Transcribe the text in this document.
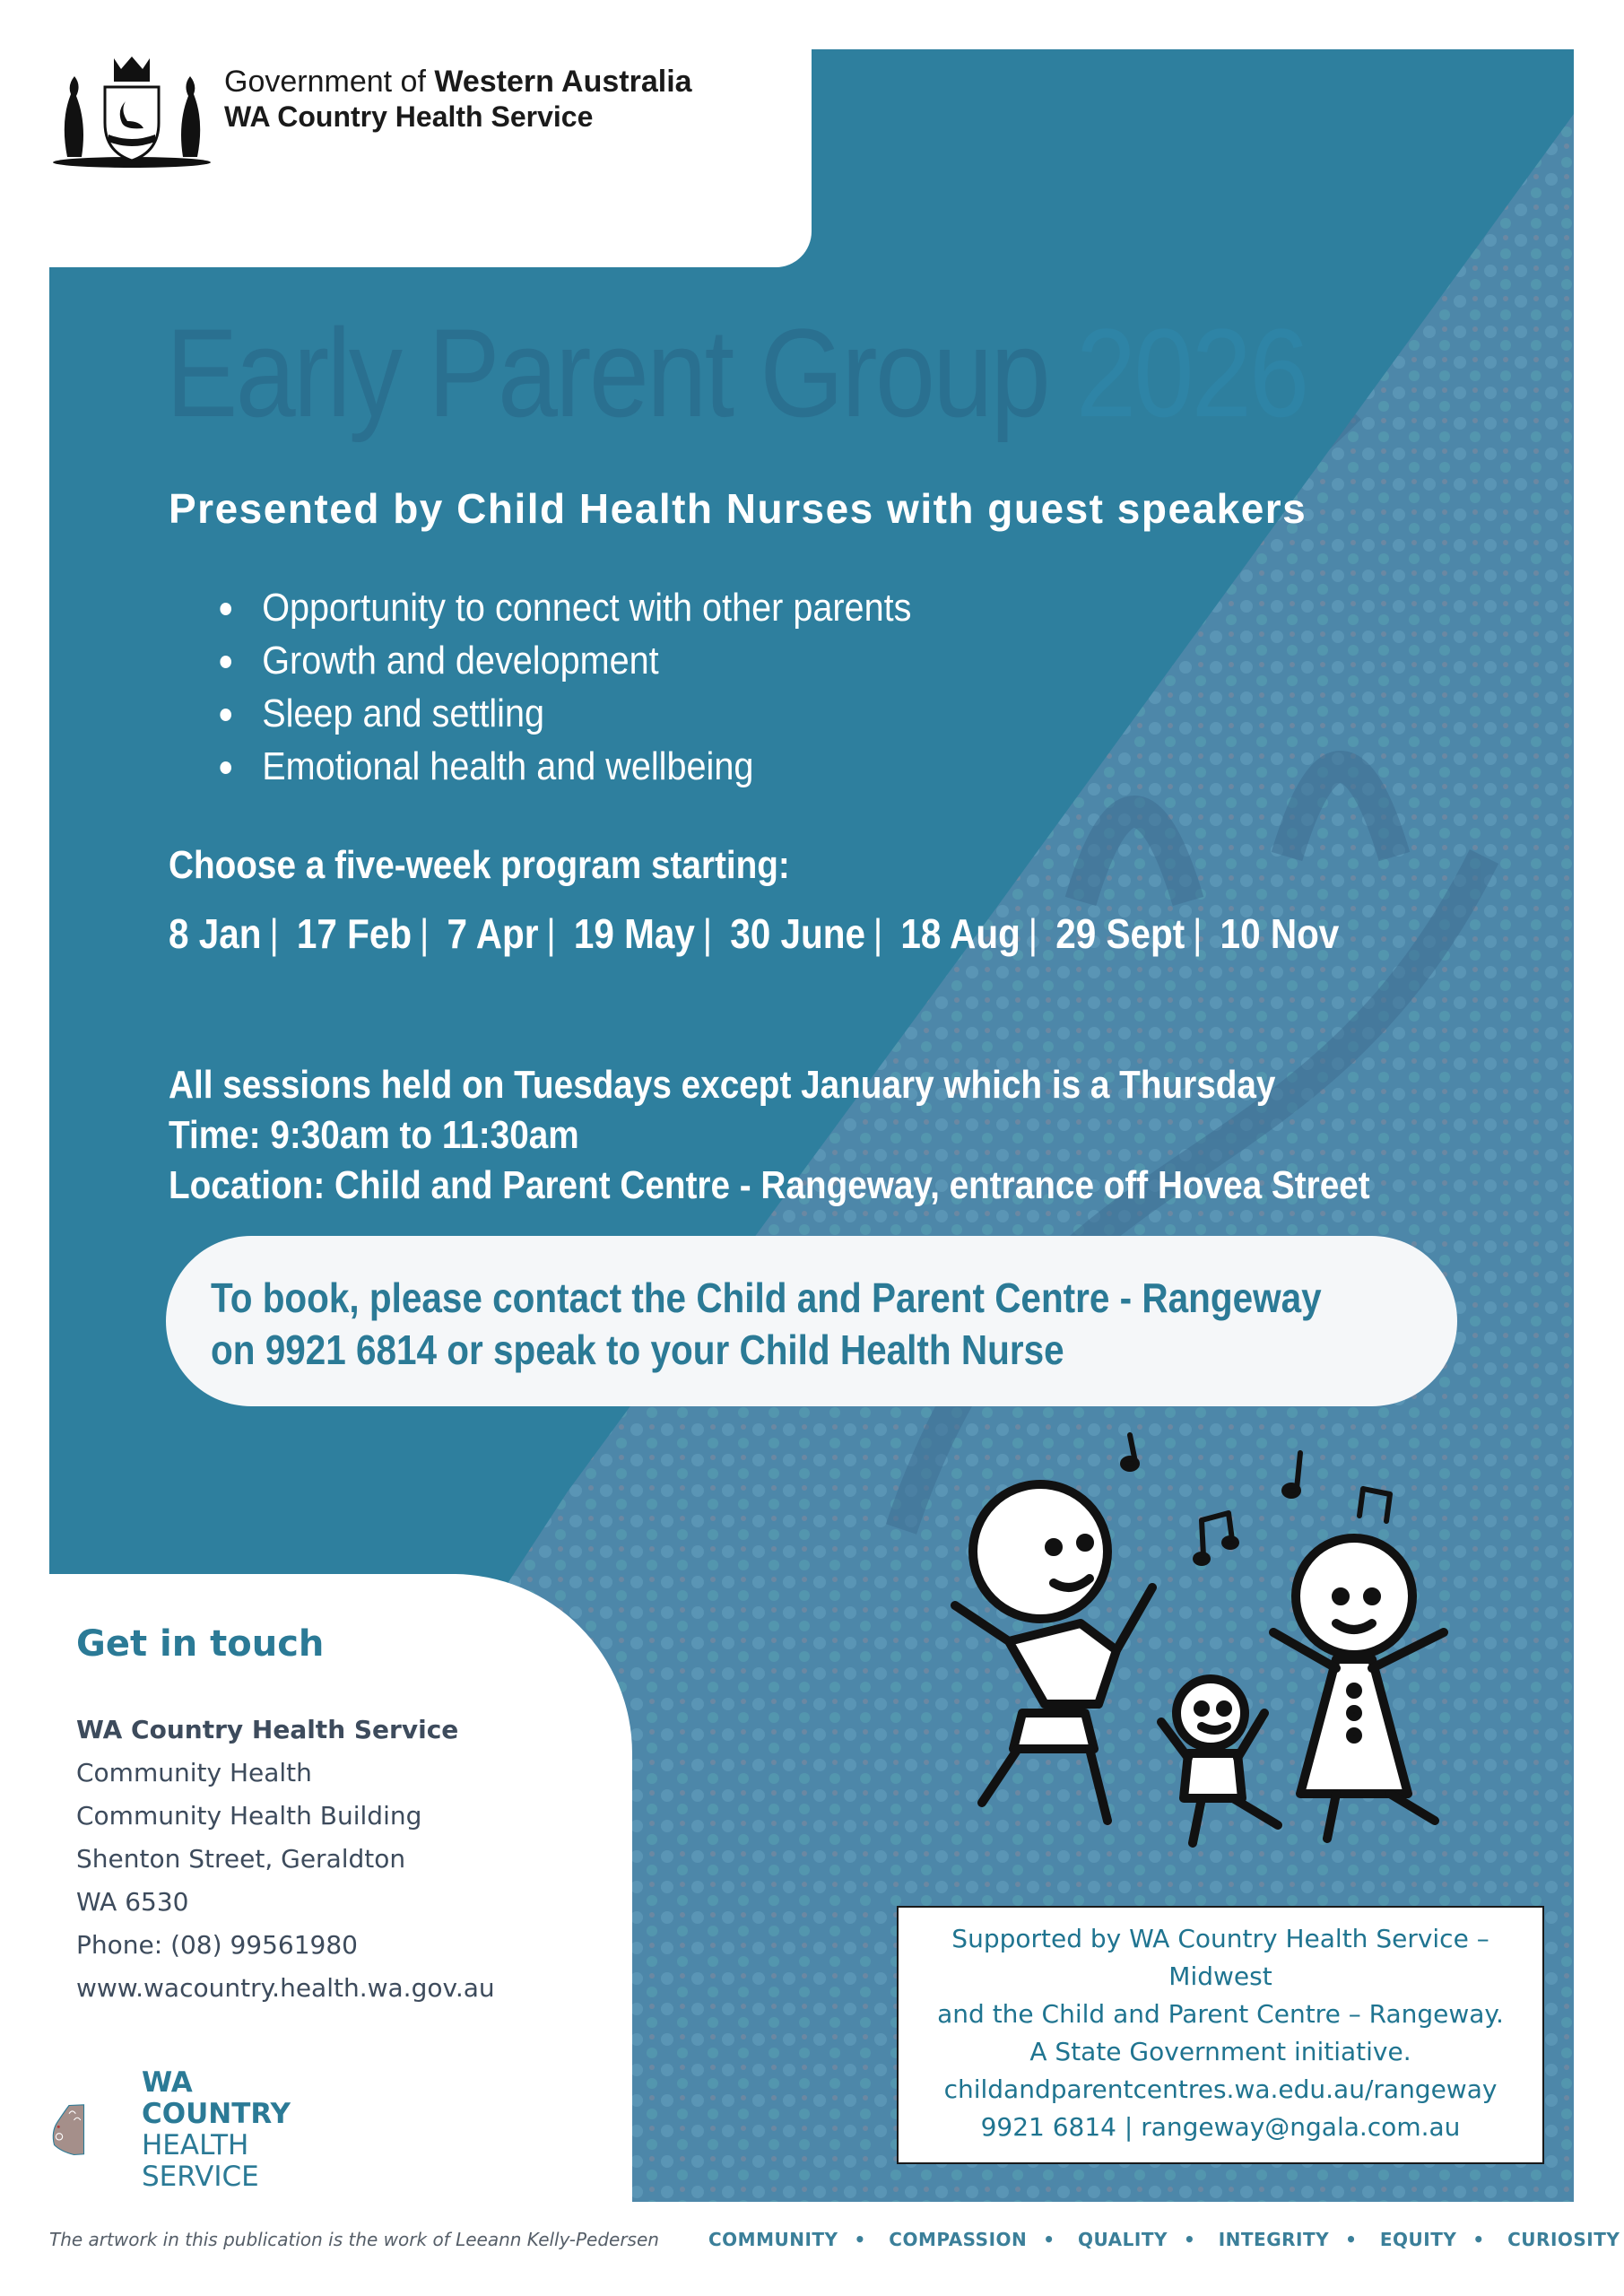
Government of Western Australia
WA Country Health Service
Early Parent Group 2026
Presented by Child Health Nurses with guest speakers
Opportunity to connect with other parents
Growth and development
Sleep and settling
Emotional health and wellbeing
Choose a five-week program starting:
8 Jan | 17 Feb | 7 Apr | 19 May | 30 June | 18 Aug | 29 Sept | 10 Nov
All sessions held on Tuesdays except January which is a Thursday
Time: 9:30am to 11:30am
Location: Child and Parent Centre - Rangeway, entrance off Hovea Street
To book, please contact the Child and Parent Centre - Rangeway
on 9921 6814 or speak to your Child Health Nurse
Get in touch
WA Country Health Service
Community Health
Community Health Building
Shenton Street, Geraldton
WA 6530
Phone: (08) 99561980
www.wacountry.health.wa.gov.au
WA
COUNTRY
HEALTH
SERVICE
Supported by WA Country Health Service –
Midwest
and the Child and Parent Centre – Rangeway.
A State Government initiative.
childandparentcentres.wa.edu.au/rangeway
9921 6814 | rangeway@ngala.com.au
The artwork in this publication is the work of Leeann Kelly-Pedersen	COMMUNITY • COMPASSION • QUALITY • INTEGRITY • EQUITY • CURIOSITY
